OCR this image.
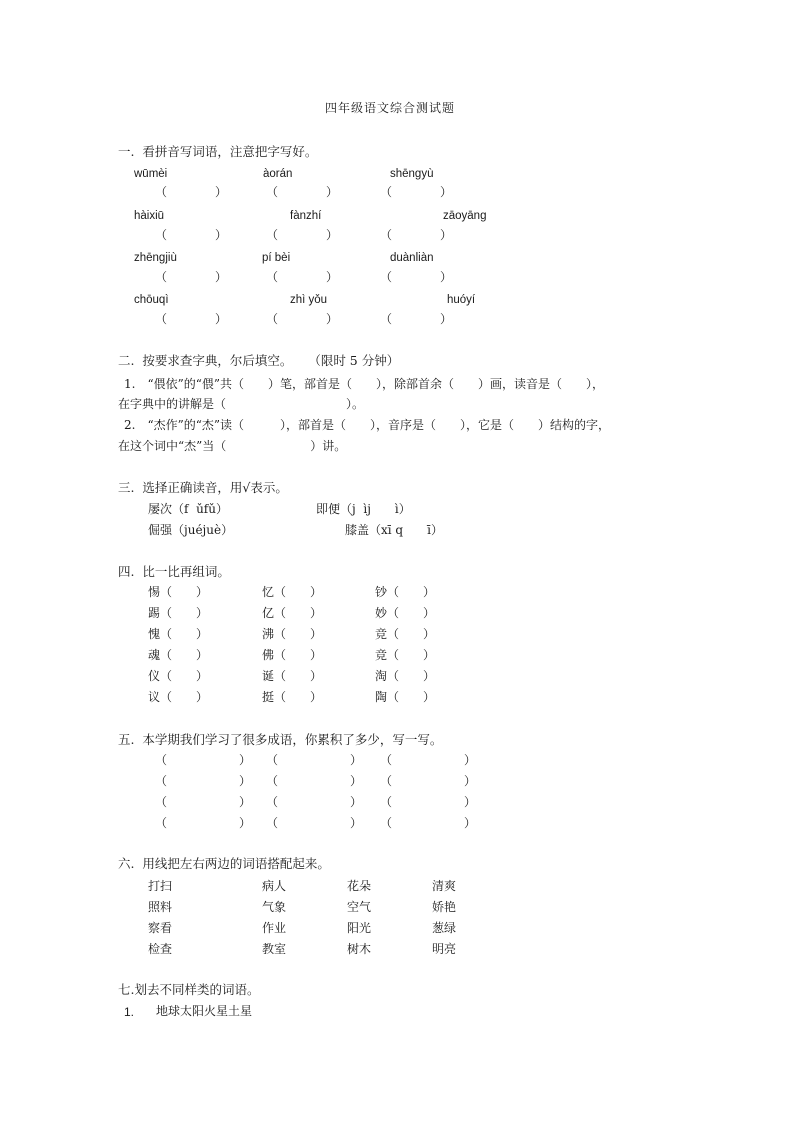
四年级语文综合测试题
一.  看拼音写词语，注意把字写好。
wūmèi	àorán	shēngyù
（　　　　）	（　　　　）	（　　　　）
hàixiū	fànzhí	zāoyāng
（　　　　）	（　　　　）	（　　　　）
zhēngjiù	pí bèi	duànliàn
（　　　　）	（　　　　）	（　　　　）
chōuqì	zhì yǒu	huóyí
（　　　　）	（　　　　）	（　　　　）
二.  按要求查字典，尔后填空。    （限时 5 分钟）
1.　“偎依”的“偎”共（　　）笔，部首是（　　），除部首余（　　）画，读音是（　　），
在字典中的讲解是（　　　　　　　　　　）。
2.　“杰作”的“杰”读（　　　），部首是（　　），音序是（　　），它是（　　）结构的字，
在这个词中“杰”当（　　　　　　　）讲。
三.  选择正确读音，用√表示。
屡次（f  ǔfǔ）	即便（j  ìj　　ì）
倔强（juéjuè）	膝盖（xī q　　ī）
四.  比一比再组词。
惕 （　　）	忆 （　　）	钞 （　　）
踢 （　　）	亿 （　　）	妙 （　　）
愧 （　　）	沸 （　　）	竞 （　　）
魂 （　　）	佛 （　　）	竞 （　　）
仪 （　　）	诞 （　　）	淘 （　　）
议 （　　）	挺 （　　）	陶 （　　）
五.  本学期我们学习了很多成语，你累积了多少，写一写。
（　　　　　　） （　　　　　　） （　　　　　　）
（　　　　　　） （　　　　　　） （　　　　　　）
（　　　　　　） （　　　　　　） （　　　　　　）
（　　　　　　） （　　　　　　） （　　　　　　）
六.  用线把左右两边的词语搭配起来。
打扫	病人	花朵	清爽
照料	气象	空气	娇艳
察看	作业	阳光	葱绿
检查	教室	树木	明亮
七.划去不同样类的词语。
1. 地球太阳火星土星
